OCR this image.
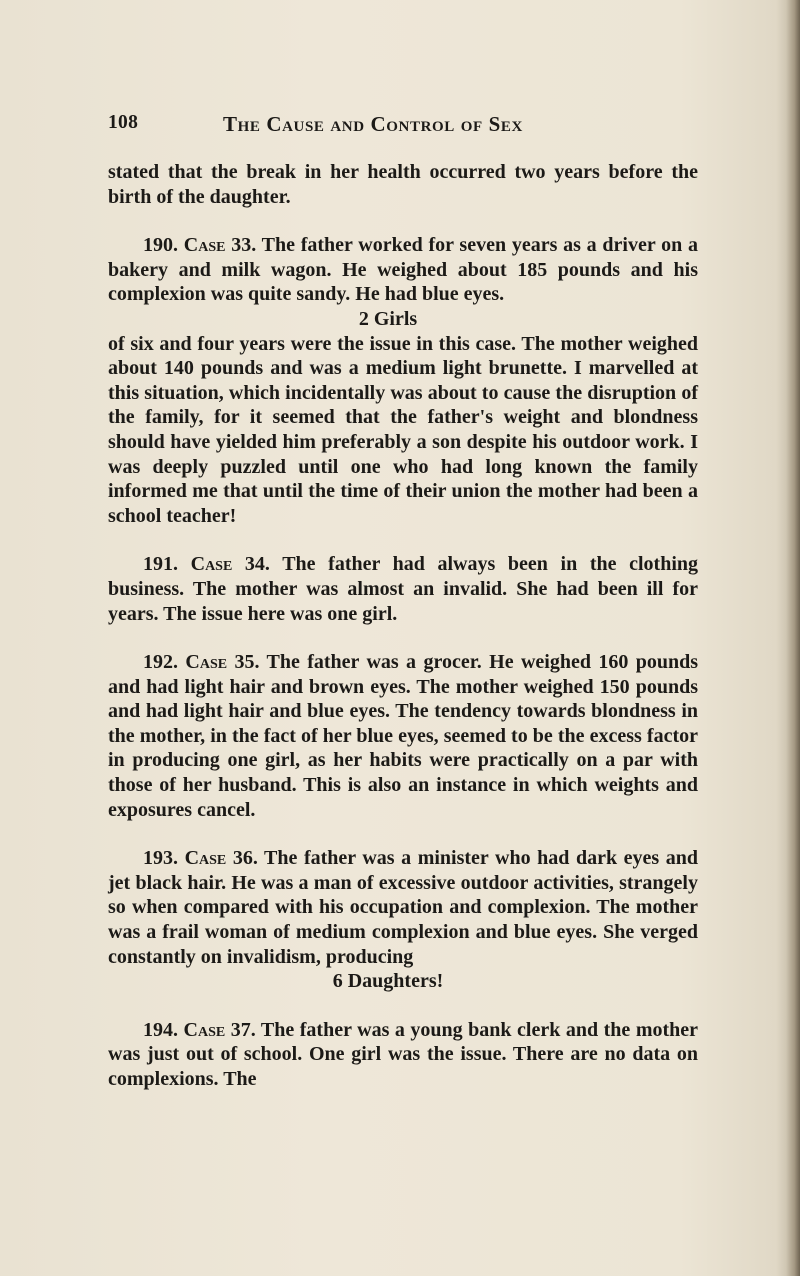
108	The Cause and Control of Sex

stated that the break in her health occurred two years before the birth of the daughter.

190. Case 33. The father worked for seven years as a driver on a bakery and milk wagon. He weighed about 185 pounds and his complexion was quite sandy. He had blue eyes.

2 Girls

of six and four years were the issue in this case. The mother weighed about 140 pounds and was a medium light brunette. I marvelled at this situation, which incidentally was about to cause the disruption of the family, for it seemed that the father's weight and blondness should have yielded him preferably a son despite his outdoor work. I was deeply puzzled until one who had long known the family informed me that until the time of their union the mother had been a school teacher!

191. Case 34. The father had always been in the clothing business. The mother was almost an invalid. She had been ill for years. The issue here was one girl.

192. Case 35. The father was a grocer. He weighed 160 pounds and had light hair and brown eyes. The mother weighed 150 pounds and had light hair and blue eyes. The tendency towards blondness in the mother, in the fact of her blue eyes, seemed to be the excess factor in producing one girl, as her habits were practically on a par with those of her husband. This is also an instance in which weights and exposures cancel.

193. Case 36. The father was a minister who had dark eyes and jet black hair. He was a man of excessive outdoor activities, strangely so when compared with his occupation and complexion. The mother was a frail woman of medium complexion and blue eyes. She verged constantly on invalidism, producing

6 Daughters!

194. Case 37. The father was a young bank clerk and the mother was just out of school. One girl was the issue. There are no data on complexions. The
